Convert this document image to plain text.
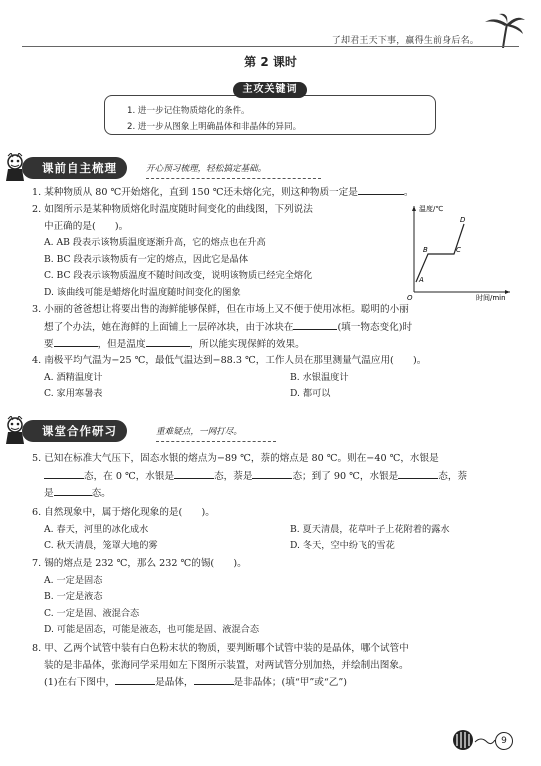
了却君王天下事，赢得生前身后名。
第 2 课时
1. 进一步记住物质熔化的条件。
2. 进一步从图象上明确晶体和非晶体的异同。
主攻关键词
课前自主梳理	开心预习梳理，轻松搞定基础。
1. 某种物质从 80 ℃开始熔化，直到 150 ℃还未熔化完，则这种物质一定是	。
2. 如图所示是某种物质熔化时温度随时间变化的曲线图，下列说法
中正确的是(　　)。
A. AB 段表示该物质温度逐渐升高，它的熔点也在升高
B. BC 段表示该物质有一定的熔点，因此它是晶体
C. BC 段表示该物质温度不随时间改变，说明该物质已经完全熔化
D. 该曲线可能是蜡熔化时温度随时间变化的图象
温度/℃
时间/min
O
A
B	C
D
3. 小丽的爸爸想让将要出售的海鲜能够保鲜，但在市场上又不便于使用冰柜。聪明的小丽
想了个办法，她在海鲜的上面铺上一层碎冰块，由于冰块在	(填一物态变化)时
要	，但是温度	，所以能实现保鲜的效果。
4. 南极平均气温为−25 ℃，最低气温达到−88.3 ℃，工作人员在那里测量气温应用(　　)。
A. 酒精温度计	B. 水银温度计
C. 家用寒暑表	D. 都可以
课堂合作研习	重难疑点，一网打尽。
5. 已知在标准大气压下，固态水银的熔点为−89 ℃，萘的熔点是 80 ℃。则在−40 ℃，水银是
态，在 0 ℃，水银是	态，萘是	态；到了 90 ℃，水银是	态，萘
是	态。
6. 自然现象中，属于熔化现象的是(　　)。
A. 春天，河里的冰化成水	B. 夏天清晨，花草叶子上花附着的露水
C. 秋天清晨，笼罩大地的雾	D. 冬天，空中纷飞的雪花
7. 锡的熔点是 232 ℃，那么 232 ℃的锡(　　)。
A. 一定是固态
B. 一定是液态
C. 一定是固、液混合态
D. 可能是固态，可能是液态，也可能是固、液混合态
8. 甲、乙两个试管中装有白色粉末状的物质，要判断哪个试管中装的是晶体，哪个试管中
装的是非晶体，张海同学采用如左下图所示装置，对两试管分别加热，并绘制出图象。
(1)在右下图中，	是晶体，	是非晶体；(填“甲”或“乙”)
9
